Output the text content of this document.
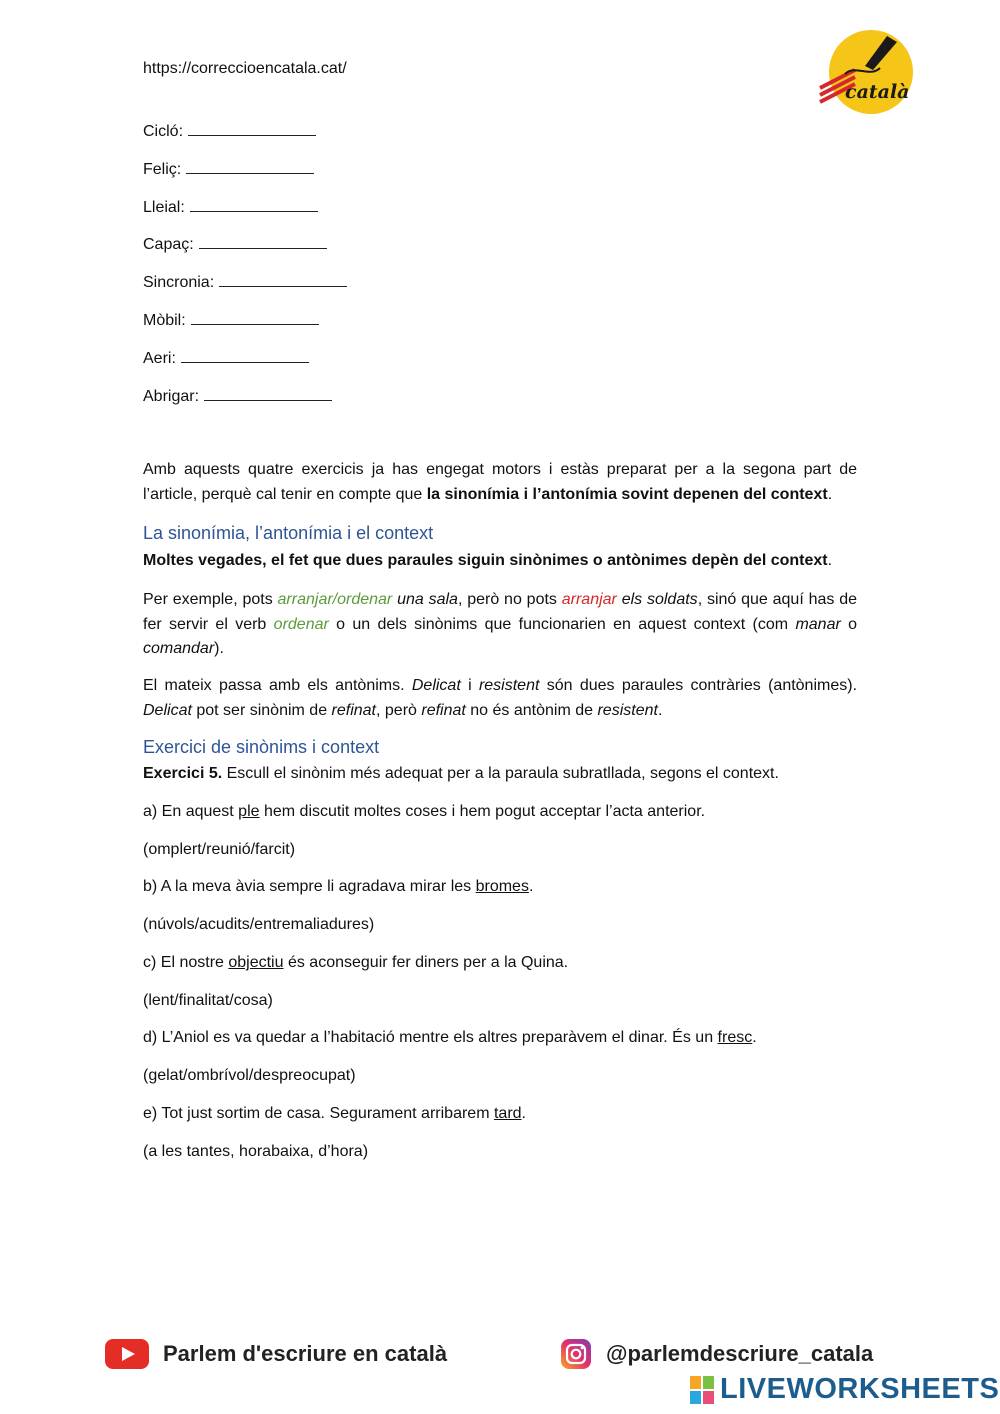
https://correccioencatala.cat/
català
Cicló:
Feliç:
Lleial:
Capaç:
Sincronia:
Mòbil:
Aeri:
Abrigar:
Amb aquests quatre exercicis ja has engegat motors i estàs preparat per a la segona part de l’article, perquè cal tenir en compte que la sinonímia i l’antonímia sovint depenen del context.
La sinonímia, l’antonímia i el context
Moltes vegades, el fet que dues paraules siguin sinònimes o antònimes depèn del context.
Per exemple, pots arranjar/ordenar una sala, però no pots arranjar els soldats, sinó que aquí has de fer servir el verb ordenar o un dels sinònims que funcionarien en aquest context (com manar o comandar).
El mateix passa amb els antònims. Delicat i resistent són dues paraules contràries (antònimes). Delicat pot ser sinònim de refinat, però refinat no és antònim de resistent.
Exercici de sinònims i context
Exercici 5. Escull el sinònim més adequat per a la paraula subratllada, segons el context.
a) En aquest ple hem discutit moltes coses i hem pogut acceptar l’acta anterior.
(omplert/reunió/farcit)
b) A la meva àvia sempre li agradava mirar les bromes.
(núvols/acudits/entremaliadures)
c) El nostre objectiu és aconseguir fer diners per a la Quina.
(lent/finalitat/cosa)
d) L’Aniol es va quedar a l’habitació mentre els altres preparàvem el dinar. És un fresc.
(gelat/ombrívol/despreocupat)
e) Tot just sortim de casa. Segurament arribarem tard.
(a les tantes, horabaixa, d’hora)
Parlem d'escriure en català	@parlemdescriure_catala
LIVEWORKSHEETS
